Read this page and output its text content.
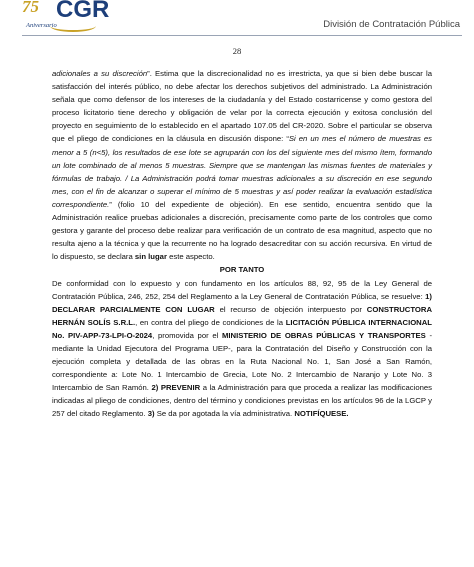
75 CGR
Aniversario	División de Contratación Pública
28

adicionales a su discreción”. Estima que la discrecionalidad no es irrestricta, ya que si bien debe buscar la satisfacción del interés público, no debe afectar los derechos subjetivos del administrado. La Administración señala que como defensor de los intereses de la ciudadanía y del Estado costarricense y como gestora del proceso licitatorio tiene derecho y obligación de velar por la correcta ejecución y exitosa conclusión del proyecto en seguimiento de lo establecido en el apartado 107.05 del CR-2020. Sobre el particular se observa que el pliego de condiciones en la cláusula en discusión dispone: “Si en un mes el número de muestras es menor a 5 (n<5), los resultados de ese lote se agruparán con los del siguiente mes del mismo ítem, formando un lote combinado de al menos 5 muestras. Siempre que se mantengan las mismas fuentes de materiales y fórmulas de trabajo. / La Administración podrá tomar muestras adicionales a su discreción en ese segundo mes, con el fin de alcanzar o superar el mínimo de 5 muestras y así poder realizar la evaluación estadística correspondiente.” (folio 10 del expediente de objeción). En ese sentido, encuentra sentido que la Administración realice pruebas adicionales a discreción, precisamente como parte de los controles que como gestora y garante del proceso debe realizar para verificación de un contrato de esa magnitud, aspecto que no resulta ajeno a la técnica y que la recurrente no ha logrado desacreditar con su acción recursiva. En virtud de lo dispuesto, se declara sin lugar este aspecto.

POR TANTO

De conformidad con lo expuesto y con fundamento en los artículos 88, 92, 95 de la Ley General de Contratación Pública, 246, 252, 254 del Reglamento a la Ley General de Contratación Pública, se resuelve: 1) DECLARAR PARCIALMENTE CON LUGAR el recurso de objeción interpuesto por CONSTRUCTORA HERNÁN SOLÍS S.R.L., en contra del pliego de condiciones de la LICITACIÓN PÚBLICA INTERNACIONAL No. PIV-APP-73-LPI-O-2024, promovida por el MINISTERIO DE OBRAS PÚBLICAS Y TRANSPORTES -mediante la Unidad Ejecutora del Programa UEP-, para la Contratación del Diseño y Construcción con la ejecución completa y detallada de las obras en la Ruta Nacional No. 1, San José a San Ramón, correspondiente a: Lote No. 1 Intercambio de Grecia, Lote No. 2 Intercambio de Naranjo y Lote No. 3 Intercambio de San Ramón. 2) PREVENIR a la Administración para que proceda a realizar las modificaciones indicadas al pliego de condiciones, dentro del término y condiciones previstas en los artículos 96 de la LGCP y 257 del citado Reglamento. 3) Se da por agotada la vía administrativa. NOTIFÍQUESE.
